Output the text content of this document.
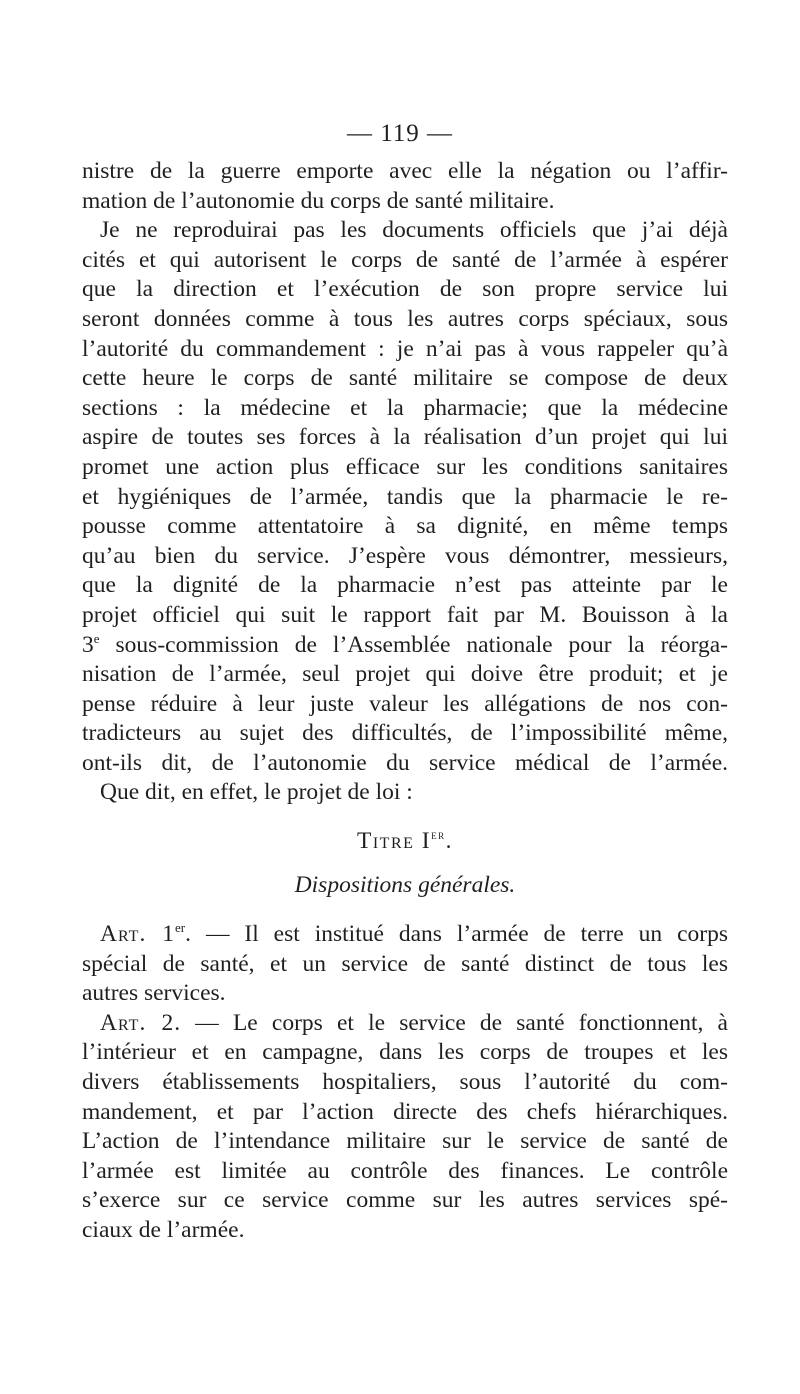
— 119 —
nistre de la guerre emporte avec elle la négation ou l’affir-
mation de l’autonomie du corps de santé militaire.
Je ne reproduirai pas les documents officiels que j’ai déjà
cités et qui autorisent le corps de santé de l’armée à espérer
que la direction et l’exécution de son propre service lui
seront données comme à tous les autres corps spéciaux, sous
l’autorité du commandement : je n’ai pas à vous rappeler qu’à
cette heure le corps de santé militaire se compose de deux
sections : la médecine et la pharmacie; que la médecine
aspire de toutes ses forces à la réalisation d’un projet qui lui
promet une action plus efficace sur les conditions sanitaires
et hygiéniques de l’armée, tandis que la pharmacie le re-
pousse comme attentatoire à sa dignité, en même temps
qu’au bien du service. J’espère vous démontrer, messieurs,
que la dignité de la pharmacie n’est pas atteinte par le
projet officiel qui suit le rapport fait par M. Bouisson à la
3e sous-commission de l’Assemblée nationale pour la réorga-
nisation de l’armée, seul projet qui doive être produit; et je
pense réduire à leur juste valeur les allégations de nos con-
tradicteurs au sujet des difficultés, de l’impossibilité même,
ont-ils dit, de l’autonomie du service médical de l’armée.
Que dit, en effet, le projet de loi :
Titre Ier.
Dispositions générales.
Art. 1er. — Il est institué dans l’armée de terre un corps
spécial de santé, et un service de santé distinct de tous les
autres services.
Art. 2. — Le corps et le service de santé fonctionnent, à
l’intérieur et en campagne, dans les corps de troupes et les
divers établissements hospitaliers, sous l’autorité du com-
mandement, et par l’action directe des chefs hiérarchiques.
L’action de l’intendance militaire sur le service de santé de
l’armée est limitée au contrôle des finances. Le contrôle
s’exerce sur ce service comme sur les autres services spé-
ciaux de l’armée.
